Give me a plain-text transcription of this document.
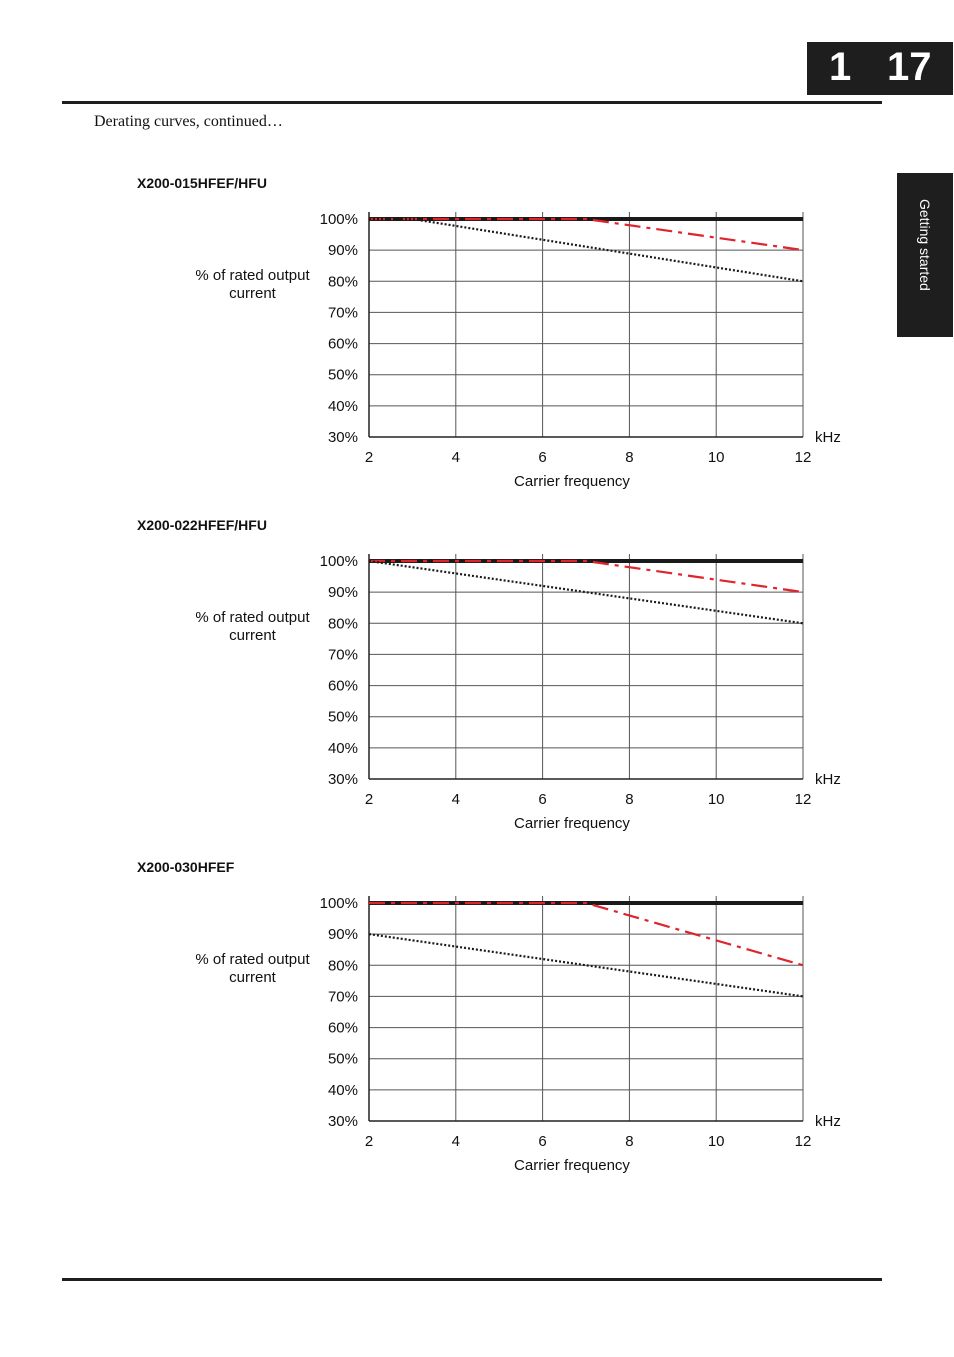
1 17
Getting started
Derating curves, continued…
X200-015HFEF/HFU
% of rated output current
100%
90%
80%
70%
60%
50%
40%
30%
2	4	6	8	10	12
kHz
Carrier frequency
X200-022HFEF/HFU
% of rated output current
100%
90%
80%
70%
60%
50%
40%
30%
2	4	6	8	10	12
kHz
Carrier frequency
X200-030HFEF
% of rated output current
100%
90%
80%
70%
60%
50%
40%
30%
2	4	6	8	10	12
kHz
Carrier frequency
